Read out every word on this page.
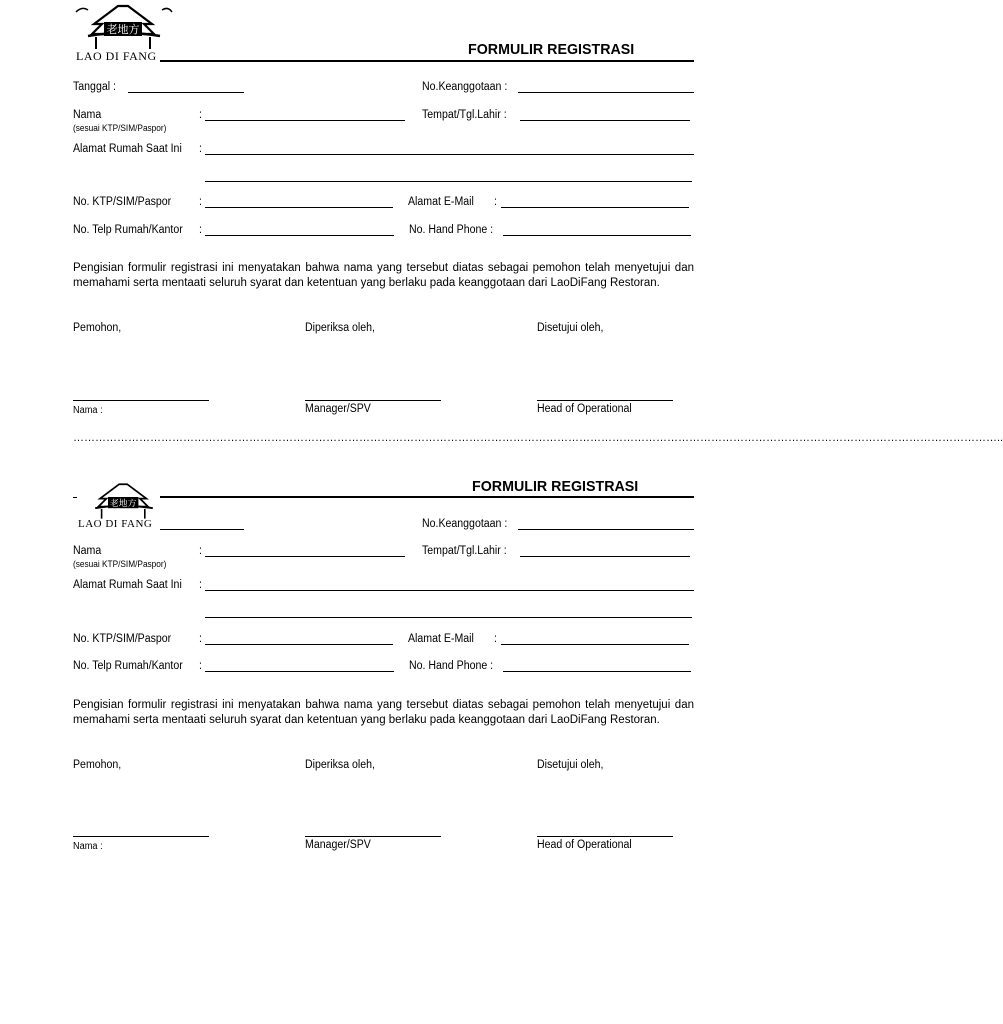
老地方
LAO DI FANG	FORMULIR REGISTRASI
Tanggal :	No.Keanggotaan :
Nama	:	Tempat/Tgl.Lahir :
(sesuai KTP/SIM/Paspor)
Alamat Rumah Saat Ini :
No. KTP/SIM/Paspor :	Alamat E-Mail :
No. Telp Rumah/Kantor :	No. Hand Phone :
Pengisian formulir registrasi ini menyatakan bahwa nama yang tersebut diatas sebagai pemohon telah menyetujui dan memahami serta mentaati seluruh syarat dan ketentuan yang berlaku pada keanggotaan dari LaoDiFang Restoran.
Pemohon,	Diperiksa oleh,	Disetujui oleh,
Nama :	Manager/SPV	Head of Operational
………………………………………………………………………………………………………………………………………………………………………………………………………………………………..
老地方
LAO DI FANG
FORMULIR REGISTRASI
No.Keanggotaan :
Nama	:	Tempat/Tgl.Lahir :
(sesuai KTP/SIM/Paspor)
Alamat Rumah Saat Ini :
No. KTP/SIM/Paspor :	Alamat E-Mail :
No. Telp Rumah/Kantor :	No. Hand Phone :
Pengisian formulir registrasi ini menyatakan bahwa nama yang tersebut diatas sebagai pemohon telah menyetujui dan memahami serta mentaati seluruh syarat dan ketentuan yang berlaku pada keanggotaan dari LaoDiFang Restoran.
Pemohon,	Diperiksa oleh,	Disetujui oleh,
Nama :	Manager/SPV	Head of Operational
